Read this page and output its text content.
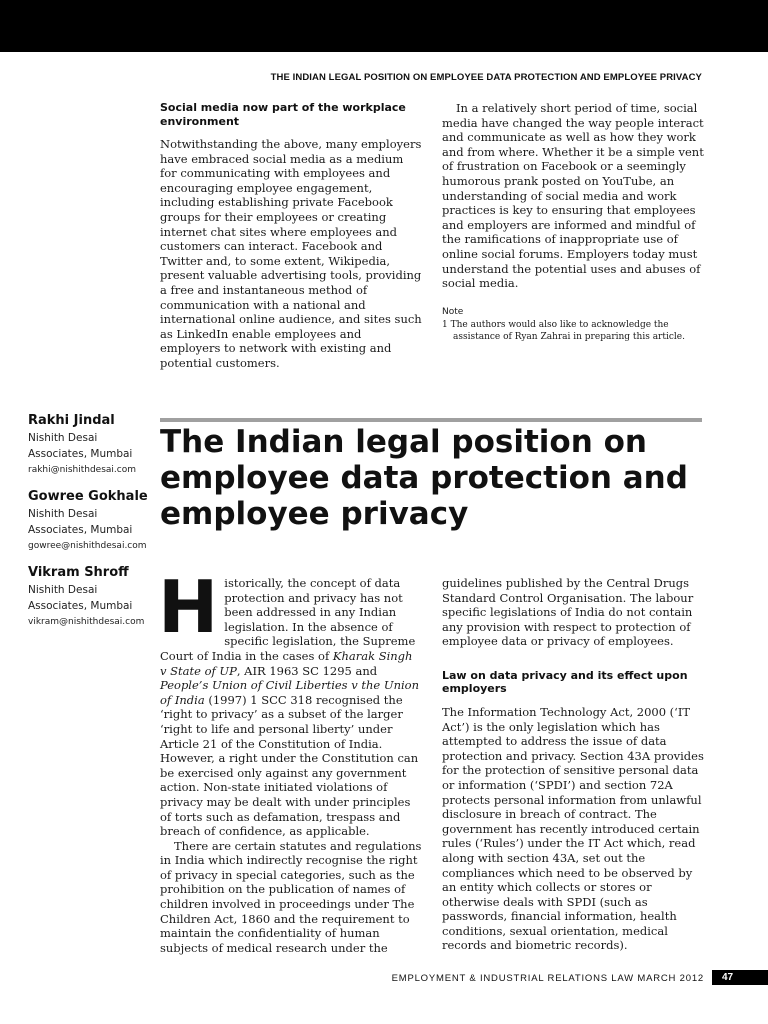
THE INDIAN LEGAL POSITION ON EMPLOYEE DATA PROTECTION AND EMPLOYEE PRIVACY
Social media now part of the workplace environment

Notwithstanding the above, many employers have embraced social media as a medium for communicating with employees and encouraging employee engagement, including establishing private Facebook groups for their employees or creating internet chat sites where employees and customers can interact. Facebook and Twitter and, to some extent, Wikipedia, present valuable advertising tools, providing a free and instantaneous method of communication with a national and international online audience, and sites such as LinkedIn enable employees and employers to network with existing and potential customers.

In a relatively short period of time, social media have changed the way people interact and communicate as well as how they work and from where. Whether it be a simple vent of frustration on Facebook or a seemingly humorous prank posted on YouTube, an understanding of social media and work practices is key to ensuring that employees and employers are informed and mindful of the ramifications of inappropriate use of online social forums. Employers today must understand the potential uses and abuses of social media.

Note
1 The authors would also like to acknowledge the assistance of Ryan Zahrai in preparing this article.
Rakhi Jindal
Nishith Desai Associates, Mumbai
rakhi@nishithdesai.com
Gowree Gokhale
Nishith Desai Associates, Mumbai
gowree@nishithdesai.com
Vikram Shroff
Nishith Desai Associates, Mumbai
vikram@nishithdesai.com
The Indian legal position on employee data protection and employee privacy

Historically, the concept of data protection and privacy has not been addressed in any Indian legislation. In the absence of specific legislation, the Supreme Court of India in the cases of Kharak Singh v State of UP, AIR 1963 SC 1295 and People’s Union of Civil Liberties v the Union of India (1997) 1 SCC 318 recognised the ‘right to privacy’ as a subset of the larger ‘right to life and personal liberty’ under Article 21 of the Constitution of India. However, a right under the Constitution can be exercised only against any government action. Non-state initiated violations of privacy may be dealt with under principles of torts such as defamation, trespass and breach of confidence, as applicable.

There are certain statutes and regulations in India which indirectly recognise the right of privacy in special categories, such as the prohibition on the publication of names of children involved in proceedings under The Children Act, 1860 and the requirement to maintain the confidentiality of human subjects of medical research under the

guidelines published by the Central Drugs Standard Control Organisation. The labour specific legislations of India do not contain any provision with respect to protection of employee data or privacy of employees.

Law on data privacy and its effect upon employers

The Information Technology Act, 2000 (‘IT Act’) is the only legislation which has attempted to address the issue of data protection and privacy. Section 43A provides for the protection of sensitive personal data or information (‘SPDI’) and section 72A protects personal information from unlawful disclosure in breach of contract. The government has recently introduced certain rules (‘Rules’) under the IT Act which, read along with section 43A, set out the compliances which need to be observed by an entity which collects or stores or otherwise deals with SPDI (such as passwords, financial information, health conditions, sexual orientation, medical records and biometric records).

EMPLOYMENT & INDUSTRIAL RELATIONS LAW MARCH 2012	47
